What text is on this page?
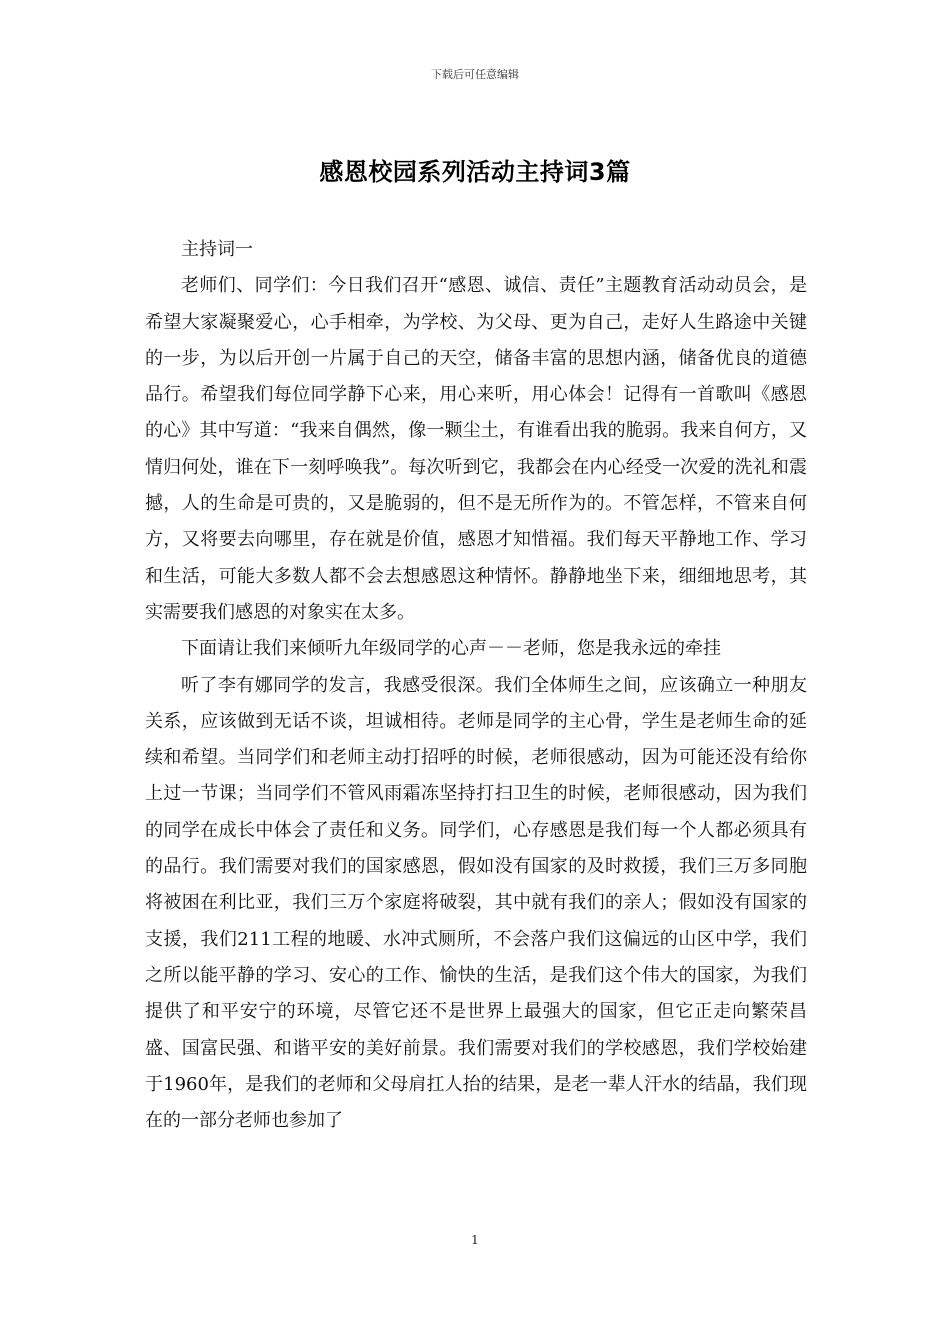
下载后可任意编辑
感恩校园系列活动主持词3篇

主持词一

老师们、同学们：今日我们召开“感恩、诚信、责任”主题教育活动动员会，是希望大家凝聚爱心，心手相牵，为学校、为父母、更为自己，走好人生路途中关键的一步，为以后开创一片属于自己的天空，储备丰富的思想内涵，储备优良的道德品行。希望我们每位同学静下心来，用心来听，用心体会！记得有一首歌叫《感恩的心》其中写道：“我来自偶然，像一颗尘土，有谁看出我的脆弱。我来自何方，又情归何处，谁在下一刻呼唤我”。每次听到它，我都会在内心经受一次爱的洗礼和震撼，人的生命是可贵的，又是脆弱的，但不是无所作为的。不管怎样，不管来自何方，又将要去向哪里，存在就是价值，感恩才知惜福。我们每天平静地工作、学习和生活，可能大多数人都不会去想感恩这种情怀。静静地坐下来，细细地思考，其实需要我们感恩的对象实在太多。

下面请让我们来倾听九年级同学的心声－－老师，您是我永远的牵挂

听了李有娜同学的发言，我感受很深。我们全体师生之间，应该确立一种朋友关系，应该做到无话不谈，坦诚相待。老师是同学的主心骨，学生是老师生命的延续和希望。当同学们和老师主动打招呼的时候，老师很感动，因为可能还没有给你上过一节课；当同学们不管风雨霜冻坚持打扫卫生的时候，老师很感动，因为我们的同学在成长中体会了责任和义务。同学们，心存感恩是我们每一个人都必须具有的品行。我们需要对我们的国家感恩，假如没有国家的及时救援，我们三万多同胞将被困在利比亚，我们三万个家庭将破裂，其中就有我们的亲人；假如没有国家的支援，我们211工程的地暖、水冲式厕所，不会落户我们这偏远的山区中学，我们之所以能平静的学习、安心的工作、愉快的生活，是我们这个伟大的国家，为我们提供了和平安宁的环境，尽管它还不是世界上最强大的国家，但它正走向繁荣昌盛、国富民强、和谐平安的美好前景。我们需要对我们的学校感恩，我们学校始建于1960年，是我们的老师和父母肩扛人抬的结果，是老一辈人汗水的结晶，我们现在的一部分老师也参加了

1
